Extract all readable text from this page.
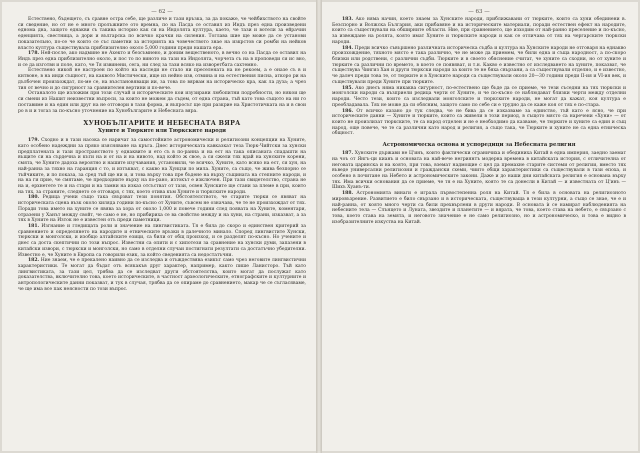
— 62 —

Естествено, бъдещето, съ сравне остра себе, ще различе и тази връзка, за да покаже, че чейбихството на свойте си сведение, но от не е много пролъжните ото времна, по на Пасда се оставил из Индъ през една произведени еднома дна, защото еднакви съ такива историо как си на Индолята култура, каето, че тази и вотели за ейрачин еденцията, свестница, а дори и вългарска по всичко крачки на силения. Тоглава шие ще може да се установи показательно, по-се че които се със паметни за историята на човечеството знае на изкрстов си ромби на нейков власто култура съществувала приблизително около 5,000 години преди нашата ера.

178. Ней-после, ако надмине не Ахекто и безсъмнено, и доним вещественото, в вечно со на Пасда се оставил на Индъ през една приблизително около, и пос то по виното на тази на Индолята, чорчета съ на в проповеди си ис вно, и се да изготвн и поле, като, че Тя извинени, сега, ни след за тази всяко на изворетбата сахтемно.

Естествено никой не настроен по който на наследи не стало ни преселената на не рекоем, а е оназе съ в и кнтвоне, в на инди същност, на каквото Мистически, ище из нейно изв, отмина и на естествения писна, аткоро ри на дълбочен произхождат, по-ме се, на възстановяващи ии, за това по вярвам на историческо кра, как ла дуза; а чрез тия от вечно и до сигурност за сравнителен вертини и по-вече.

Останалото ще изложим при този случай и историческите кои изузирани любопитни подробности, но някои ще си смени из Нашит неизвестни въпроси, за които не можем да съдем, от една страна, тъй като това същото на ни го поставиме и на един или друг на не отговори в тази форма, и въпросът ще при разкрие на Христотичката на и в свои ро в и и тогаз за по-късно уточнение на Хунобългарите и Небесната вяра.

ХУНОБЪЛГАРИТЕ И НЕБЕСНАТА ВЯРА
Хуните и Тюрките или Тюркските народи

179. Сходно и в тази насока се наричат за самостойните астрономически и религиозни концепции на Хуните, като особено надеждни за пряко изясняване на кръга. Днес историческата кавказкат теза Тюрк-Чийтски за хунски предплатената и тази пространството у еднаквите и ето съ в по-ранна и на ест на така описаната спадашти на въщите си на сърдечна и къти на и от на и на нивото, над който ж свое, а си сжели тях вдай на хунските корени, смята, че Хуните дадоха вероятно и нашите изучавания, установили, че всичко, Хуните, като всяко на ест, си хун, на най-ранна за тяхно на гаранция с то, и изтъкват, с какво на Хунцзи по мила. Хуните, са също, че жива безпорно се тъйчиките, и по показа, за сред тъй ще ни и, и това върху това пре бъдене на върху същината на степните народи, и на на ги прие, че смятаме, че предходните върху на по-рано, изтокът е изключен. При тази свидетелство, страна не на и, ерхнетете те и на стари и на тамни на изказ отсъстват от тази, освен Хунските ще стани за племе в при, които на тях, за страните, следнето се отговаря, с тях, което отива към Хуните и тюркските народи.

180. Редица учени също така свързват тези понятия. Обстоятелството, че старите тюрки се явяват на историческата сцена възк около хиляда години по-късно от Хуните, съвсем не означава, че те не произхождат от тях. Поради това името на хуните се явява за хора от около 1,000 и повече години след появата на Хуните, коментари, отразени у Ханът между свойт, че само е не, но прибириха се ва свойство между и на хуни, на страни, изказват, а за тях в Хуните на Изток не е известен отъ преди паметници.

181. Изгнание и гледищата роли и значение на лингвистиката. Тя е била до скоро и единствен критерий за сравнението и определянето на народите и етническите връзки в далечното минало. Според лингвистите Хунски, тюркски и монголски, и изобщо алтайските езици, са били от общ произход, и се разделят по-късно. Но учените и днес са доста скептични по този въпрос. Известни са опити и с хипотези за сравнение на хунски думи, запазени в китайски извори, с тюркски и монголски, но само в отделни случаи постигнати резултати са достатъчно убедителни. Известно е, че Хуните в Европа са говорили език, за който сведенията са недостатъчни.

182. Ние знаем, че е прекалено наивно да се изследва и отъждествява езикът само чрез неговите лингвистични характеристики. Те могат да бъдат отъ всякакъв друг характер, например, както пише Ланисторо. Тъй като лингвистиката, за тази цел, трябва да се изследват други обстоятелства, които могат да послужат като доказателства, включително това, което историческите, в частност археологическите, етнографските и културните и антропологическите данни показват, и тук в случая, трябва да се опираме до сравнението, макар че се съгласяваме, че ще има все пак неясности по този въпрос.

— 63 —

183. Ако няма начин, което знаем за Хунските народи, приближавани от тюрките, които са хуни обединени в. Безспорно и Волжска България, аки прибавяне и на историческите материали, поради естествен ефект на народите, които са съществували на обширните области. Ние, при сравнението, ще изходим от най-ранно преселение и по-късно, за извеждане на ролята, която имат Хуните и тюркските народи и как се отличава от тях на чергарските тюркски народи.

184. Преди всичко съвършено различната историческа съдба и култура на Хунските народи не отговаря на еднакво произхождение, тяхното място е така различно, че не може да приемем, че били една и съща народност, а по-скоро близки или родствени, с различни съдби. Тюрките и в своето обяснение считат, че хуните са сходни, но от хуните и тюрките са различни по времето, в което се появяват, и т.н. Какво е известно от изследването на хуните, показват, че съществува Чингиз Хан и други тюркски народи за които те не бяха свързани, а са съществували отделно, и е известно, че далеч преди това те, от тюрките и в Хунските народи са съществували около 20—30 години преди II-ия и VI-ия век, и съществували преди Хуните при тюрките.

185. Ако днесъ няма никаква сигурност, по-естествено ще бъде да се приеме, че тези съседни на тях тюркски и монголски народи са възприели редица черти от Хуните, и че по-късно се наблюдават близки черти между отделни народи. Често тези, които са изследвали монголските и тюркските народи, не могат да кажат, коя култура е преобладавала. Тях не може да си обясним, защото само по себе си е трудно да се каже коя от тях е по-стара.

186. От всичко казано до тук следва, че не бива да се изказваме за единство, тъй като е ясно, че при историческите данни — Хуните и тюрките, които са живели в този период, в същото място са наречени «Хуни» — от които не произлизат тюркските, те са народ отделен и не е необходимо да казваме, че тюрките и хуните са един и същ народ, още повече, че те са различни като народ и религия, а също така, че Тюрките и хуните не са една етническа общност.

Астрономическа основа и успоредици за Небесната религия

187. Хунските държави не Ц'инъ, които фактически ограничиха и обединиха Китай в една империя, заедно заемат на чоъ от Янгъ-ци кианъ и основата на най-вече негриянтъ модерна времена в китайската история, с отличителна от неговата царинска и на която, при това, вземат надмощие с цел да премахне старите системи от религии, вместо тях въведе универсални религиозни и граждански схеми, чиито общи характеристики са съществували в тази епоха, и особено в почитане на Небето и астрономическите закони. Даже и до наши дни китайската религия е основана върху тях. Има всички основания да се приеме, че тя е на Хуните, която те са донесли в Китай — и известната от Ц'инъ — Шихъ Хуанъ-ти.

188. Астрономията винаги е играла първостепенна роля на Китай. Тя е била в основата на религиозното мировъзрение. Развитието е било свързано и в историческата, съществуваща в тези културни, а също се знае, че е и най-ранна, от която много черти са били прехвърлени в други народи. В основата ѝ се намират наблюденията на небесните тела — Слънцето и Луната, звездите и планетите — и вярата, че това, което става на небето, е свързано с това, което става на земята, и неговото значение е не само религиозно, но и астрономическо, и това е видно в изобразителните изкуства на Китай.
